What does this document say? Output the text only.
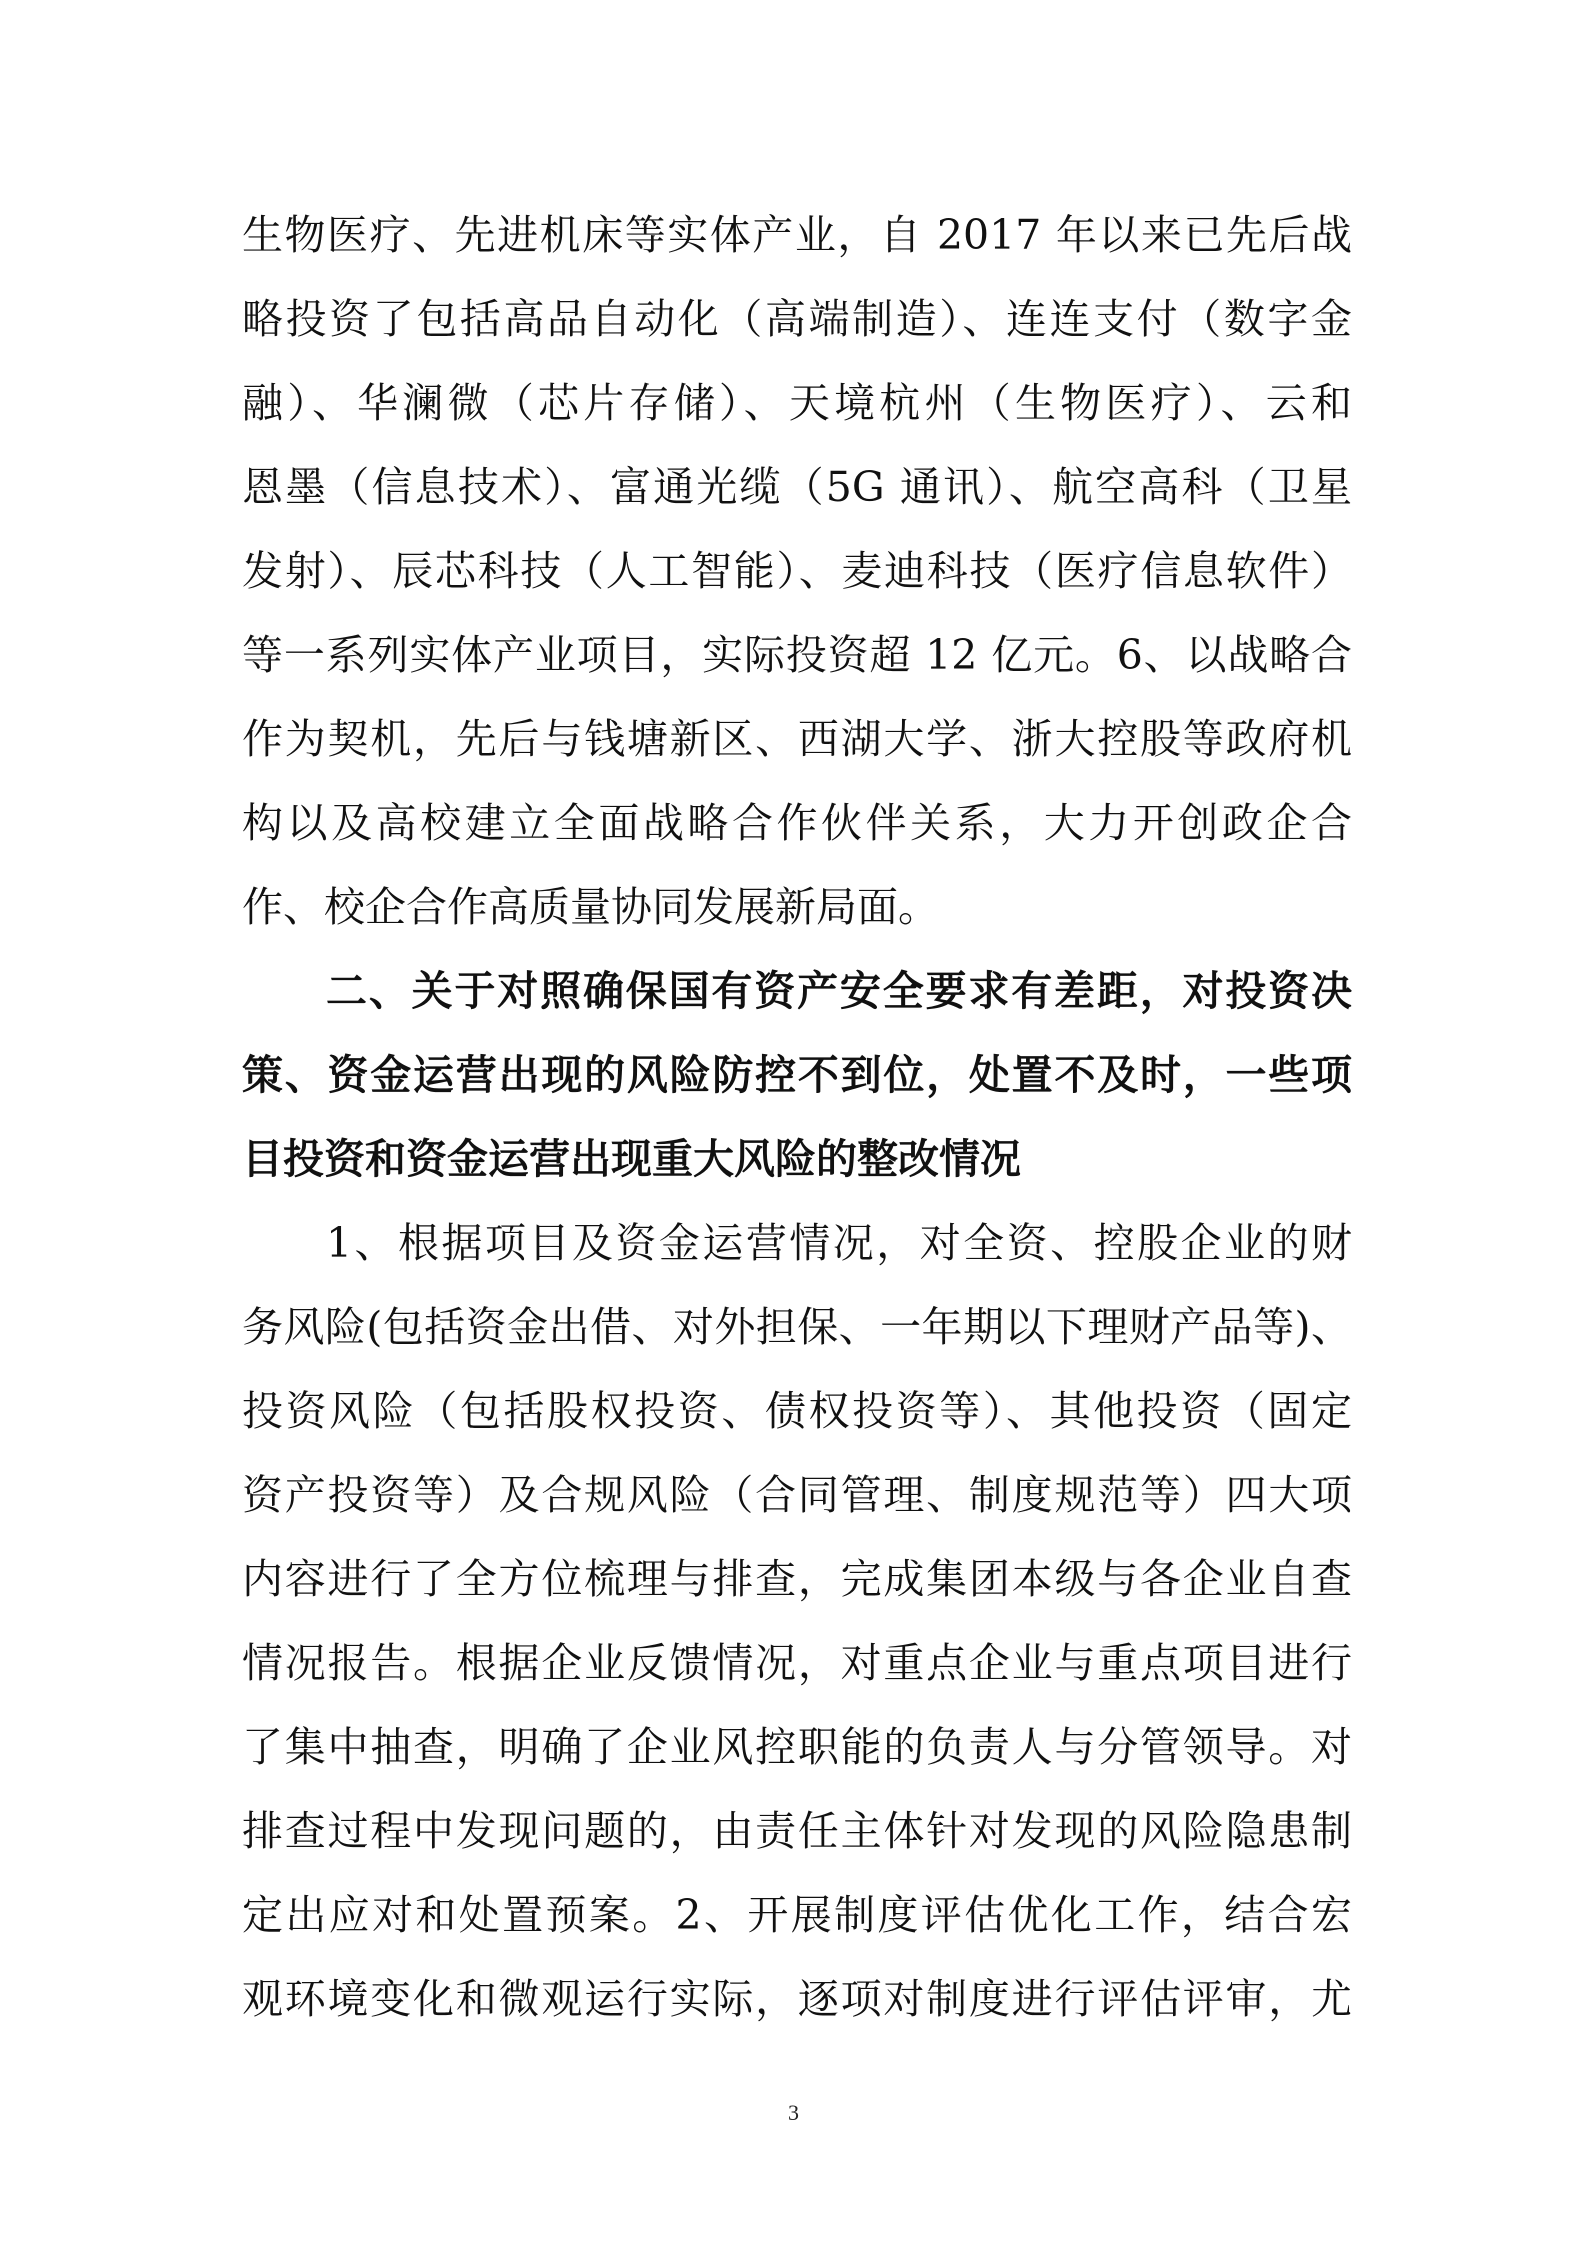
生物医疗、先进机床等实体产业，自 2017 年以来已先后战
略投资了包括高品自动化（高端制造）、连连支付（数字金
融）、华澜微（芯片存储）、天境杭州（生物医疗）、云和
恩墨（信息技术）、富通光缆（5G 通讯）、航空高科（卫星
发射）、辰芯科技（人工智能）、麦迪科技（医疗信息软件）
等一系列实体产业项目，实际投资超 12 亿元。6、以战略合
作为契机，先后与钱塘新区、西湖大学、浙大控股等政府机
构以及高校建立全面战略合作伙伴关系，大力开创政企合
作、校企合作高质量协同发展新局面。
二、关于对照确保国有资产安全要求有差距，对投资决
策、资金运营出现的风险防控不到位，处置不及时，一些项
目投资和资金运营出现重大风险的整改情况
1、根据项目及资金运营情况，对全资、控股企业的财
务风险(包括资金出借、对外担保、一年期以下理财产品等)、
投资风险（包括股权投资、债权投资等）、其他投资（固定
资产投资等）及合规风险（合同管理、制度规范等）四大项
内容进行了全方位梳理与排查，完成集团本级与各企业自查
情况报告。根据企业反馈情况，对重点企业与重点项目进行
了集中抽查，明确了企业风控职能的负责人与分管领导。对
排查过程中发现问题的，由责任主体针对发现的风险隐患制
定出应对和处置预案。2、开展制度评估优化工作，结合宏
观环境变化和微观运行实际，逐项对制度进行评估评审，尤
3
